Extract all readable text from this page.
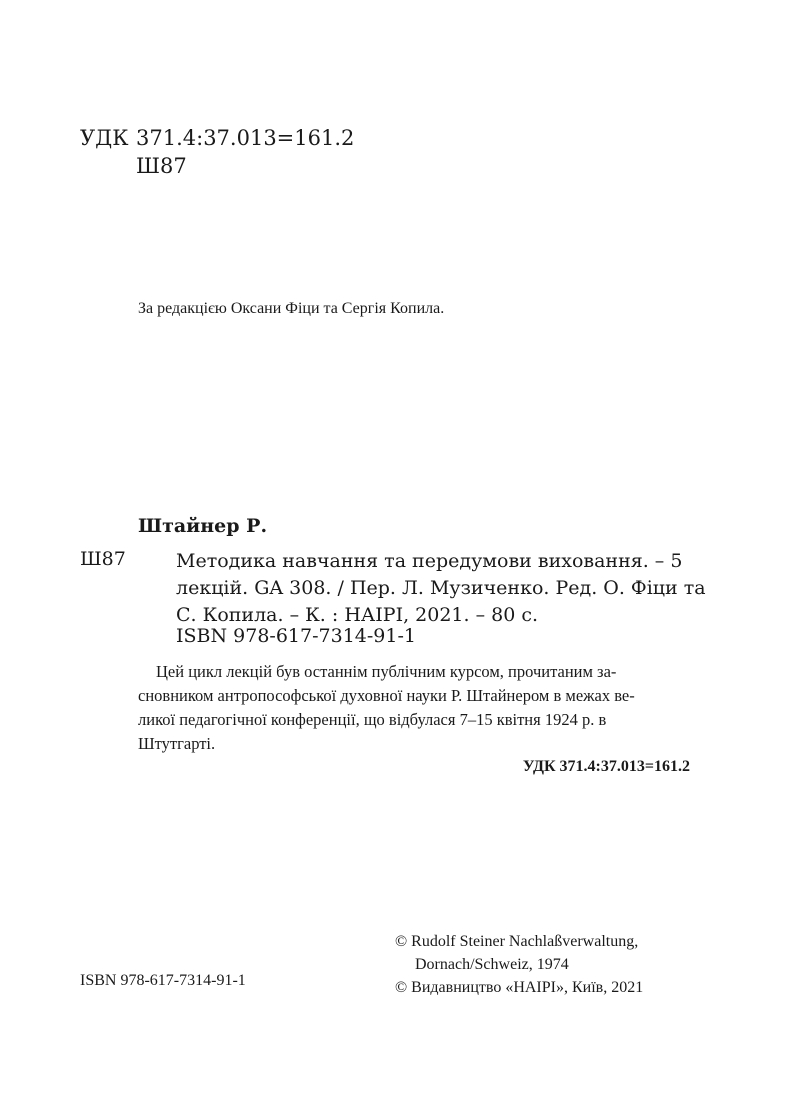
УДК 371.4:37.013=161.2
Ш87
За редакцією Оксани Фіци та Сергія Копила.
Штайнер Р.
Ш87	Методика навчання та передумови виховання. – 5
лекцій. GA 308. / Пер. Л. Музиченко. Ред. О. Фіци та
С. Копила. – К. : НАІРІ, 2021. – 80 с.
ISBN 978-617-7314-91-1
Цей цикл лекцій був останнім публічним курсом, прочитаним за-
сновником антропософської духовної науки Р. Штайнером в межах ве-
ликої педагогічної конференції, що відбулася 7–15 квітня 1924 р. в
Штутгарті.
УДК 371.4:37.013=161.2
ISBN 978-617-7314-91-1
© Rudolf Steiner Nachlaßverwaltung,
Dornach/Schweiz, 1974
© Видавництво «НАІРІ», Київ, 2021
